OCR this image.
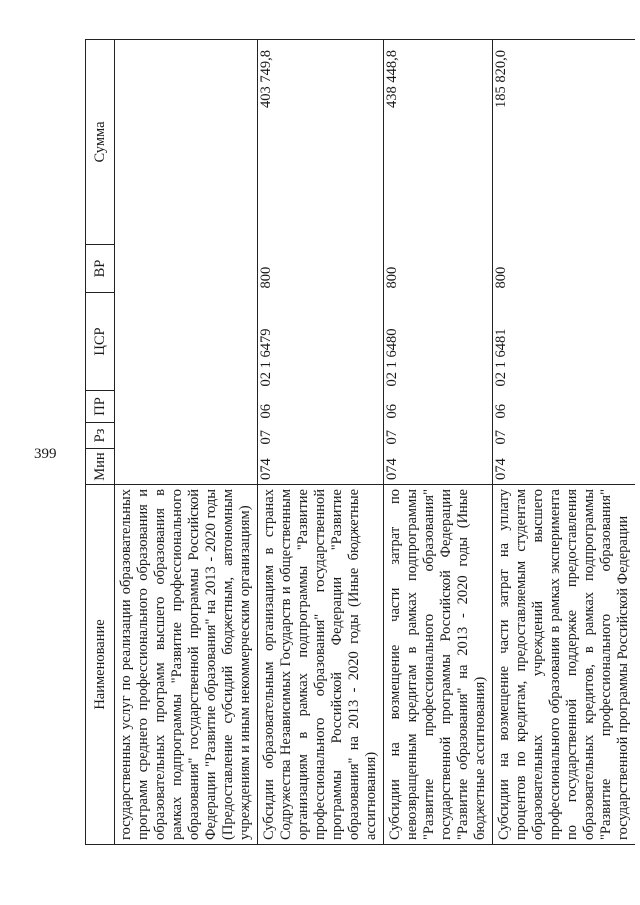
399
Наименование	Мин	Рз	ПР	ЦСР	ВР	Сумма
государственных услуг по реализации образовательных программ среднего профессионального образования и образовательных программ высшего образования в рамках подпрограммы "Развитие профессионального образования" государственной программы Российской Федерации "Развитие образования" на 2013 - 2020 годы (Предоставление субсидий бюджетным, автономным учреждениям и иным некоммерческим организациям)						
Субсидии образовательным организациям в странах Содружества Независимых Государств и общественным организациям в рамках подпрограммы "Развитие профессионального образования" государственной программы Российской Федерации "Развитие образования" на 2013 - 2020 годы (Иные бюджетные ассигнования)	074	07	06	02 1 6479	800	403 749,8
Субсидии на возмещение части затрат по невозвращенным кредитам в рамках подпрограммы "Развитие профессионального образования" государственной программы Российской Федерации "Развитие образования" на 2013 - 2020 годы (Иные бюджетные ассигнования)	074	07	06	02 1 6480	800	438 448,8
Субсидии на возмещение части затрат на уплату процентов по кредитам, предоставляемым студентам образовательных учреждений высшего профессионального образования в рамках эксперимента по государственной поддержке предоставления образовательных кредитов, в рамках подпрограммы "Развитие профессионального образования" государственной программы Российской Федерации	074	07	06	02 1 6481	800	185 820,0
